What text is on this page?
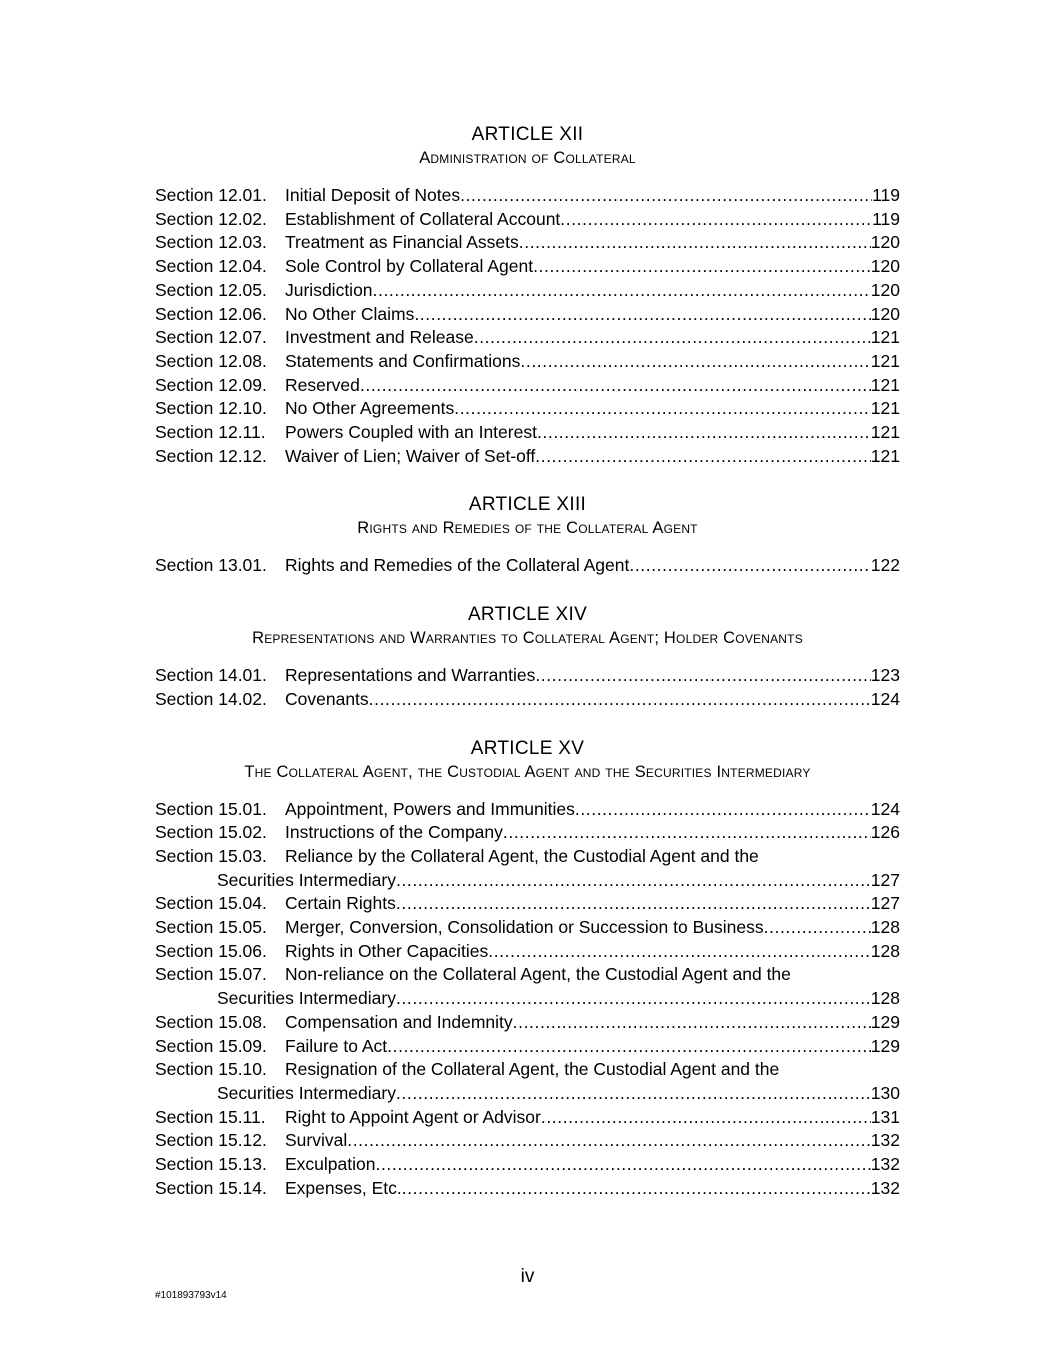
ARTICLE XII
Administration of Collateral
Section 12.01.	Initial Deposit of Notes .....	119
Section 12.02.	Establishment of Collateral Account .....	119
Section 12.03.	Treatment as Financial Assets .....	120
Section 12.04.	Sole Control by Collateral Agent .....	120
Section 12.05.	Jurisdiction .....	120
Section 12.06.	No Other Claims .....	120
Section 12.07.	Investment and Release .....	121
Section 12.08.	Statements and Confirmations .....	121
Section 12.09.	Reserved .....	121
Section 12.10.	No Other Agreements .....	121
Section 12.11.	Powers Coupled with an Interest .....	121
Section 12.12.	Waiver of Lien; Waiver of Set-off .....	121
ARTICLE XIII
Rights and Remedies of the Collateral Agent
Section 13.01.	Rights and Remedies of the Collateral Agent .....	122
ARTICLE XIV
Representations and Warranties to Collateral Agent; Holder Covenants
Section 14.01.	Representations and Warranties .....	123
Section 14.02.	Covenants .....	124
ARTICLE XV
The Collateral Agent, the Custodial Agent and the Securities Intermediary
Section 15.01.	Appointment, Powers and Immunities .....	124
Section 15.02.	Instructions of the Company .....	126
Section 15.03.	Reliance by the Collateral Agent, the Custodial Agent and the
Securities Intermediary .....	127
Section 15.04.	Certain Rights .....	127
Section 15.05.	Merger, Conversion, Consolidation or Succession to Business .....	128
Section 15.06.	Rights in Other Capacities .....	128
Section 15.07.	Non-reliance on the Collateral Agent, the Custodial Agent and the
Securities Intermediary .....	128
Section 15.08.	Compensation and Indemnity .....	129
Section 15.09.	Failure to Act .....	129
Section 15.10.	Resignation of the Collateral Agent, the Custodial Agent and the
Securities Intermediary .....	130
Section 15.11.	Right to Appoint Agent or Advisor .....	131
Section 15.12.	Survival .....	132
Section 15.13.	Exculpation .....	132
Section 15.14.	Expenses, Etc. .....	132
iv
#101893793v14
